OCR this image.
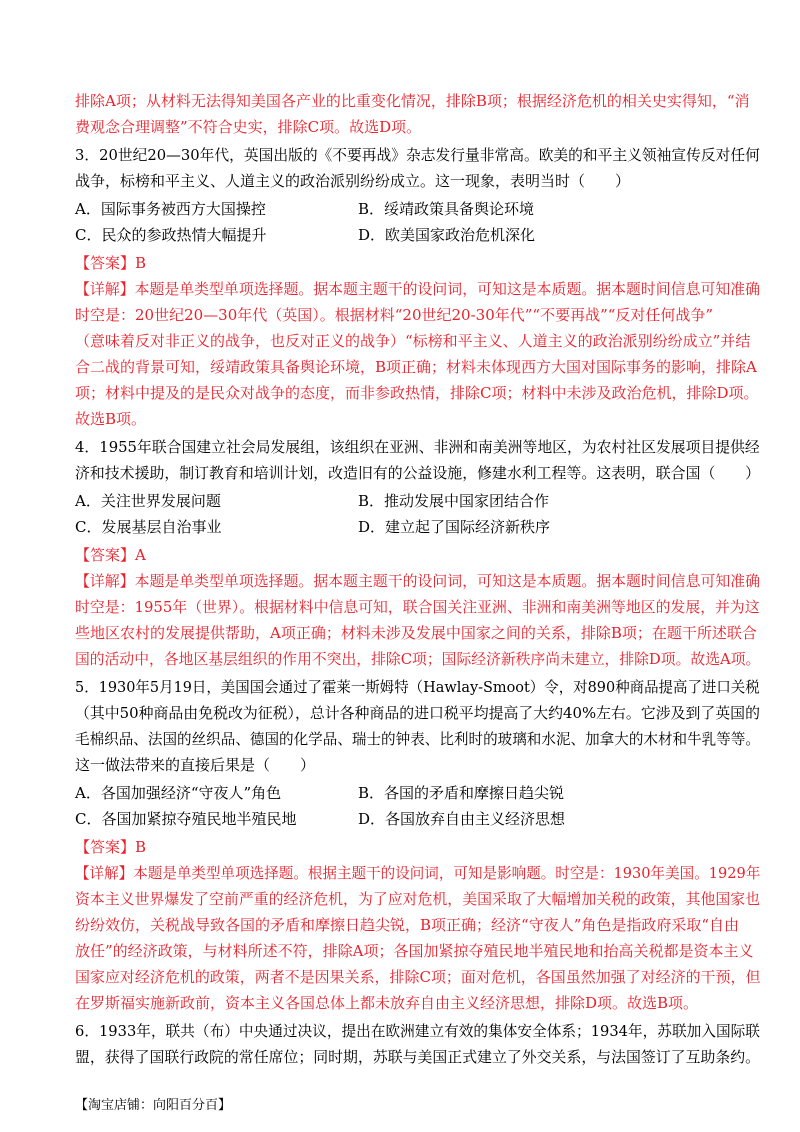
排除A项；从材料无法得知美国各产业的比重变化情况，排除B项；根据经济危机的相关史实得知，“消
费观念合理调整”不符合史实，排除C项。故选D项。
3．20世纪20—30年代，英国出版的《不要再战》杂志发行量非常高。欧美的和平主义领袖宣传反对任何
战争，标榜和平主义、人道主义的政治派别纷纷成立。这一现象，表明当时（　　）
A．国际事务被西方大国操控	B．绥靖政策具备舆论环境
C．民众的参政热情大幅提升	D．欧美国家政治危机深化
【答案】B
【详解】本题是单类型单项选择题。据本题主题干的设问词，可知这是本质题。据本题时间信息可知准确
时空是：20世纪20—30年代（英国）。根据材料“20世纪20-30年代”“不要再战”“反对任何战争”
（意味着反对非正义的战争，也反对正义的战争）“标榜和平主义、人道主义的政治派别纷纷成立”并结
合二战的背景可知，绥靖政策具备舆论环境，B项正确；材料未体现西方大国对国际事务的影响，排除A
项；材料中提及的是民众对战争的态度，而非参政热情，排除C项；材料中未涉及政治危机，排除D项。
故选B项。
4．1955年联合国建立社会局发展组，该组织在亚洲、非洲和南美洲等地区，为农村社区发展项目提供经
济和技术援助，制订教育和培训计划，改造旧有的公益设施，修建水利工程等。这表明，联合国（　　）
A．关注世界发展问题	B．推动发展中国家团结合作
C．发展基层自治事业	D．建立起了国际经济新秩序
【答案】A
【详解】本题是单类型单项选择题。据本题主题干的设问词，可知这是本质题。据本题时间信息可知准确
时空是：1955年（世界）。根据材料中信息可知，联合国关注亚洲、非洲和南美洲等地区的发展，并为这
些地区农村的发展提供帮助，A项正确；材料未涉及发展中国家之间的关系，排除B项；在题干所述联合
国的活动中，各地区基层组织的作用不突出，排除C项；国际经济新秩序尚未建立，排除D项。故选A项。
5．1930年5月19日，美国国会通过了霍莱一斯姆特（Hawlay-Smoot）令，对890种商品提高了进口关税
（其中50种商品由免税改为征税），总计各种商品的进口税平均提高了大约40%左右。它涉及到了英国的
毛棉织品、法国的丝织品、德国的化学品、瑞士的钟表、比利时的玻璃和水泥、加拿大的木材和牛乳等等。
这一做法带来的直接后果是（　　）
A．各国加强经济“守夜人”角色	B．各国的矛盾和摩擦日趋尖锐
C．各国加紧掠夺殖民地半殖民地	D．各国放弃自由主义经济思想
【答案】B
【详解】本题是单类型单项选择题。根据主题干的设问词，可知是影响题。时空是：1930年美国。1929年
资本主义世界爆发了空前严重的经济危机，为了应对危机，美国采取了大幅增加关税的政策，其他国家也
纷纷效仿，关税战导致各国的矛盾和摩擦日趋尖锐，B项正确；经济“守夜人”角色是指政府采取“自由
放任”的经济政策，与材料所述不符，排除A项；各国加紧掠夺殖民地半殖民地和抬高关税都是资本主义
国家应对经济危机的政策，两者不是因果关系，排除C项；面对危机，各国虽然加强了对经济的干预，但
在罗斯福实施新政前，资本主义各国总体上都未放弃自由主义经济思想，排除D项。故选B项。
6．1933年，联共（布）中央通过决议，提出在欧洲建立有效的集体安全体系；1934年，苏联加入国际联
盟，获得了国联行政院的常任席位；同时期，苏联与美国正式建立了外交关系，与法国签订了互助条约。
【淘宝店铺：向阳百分百】
